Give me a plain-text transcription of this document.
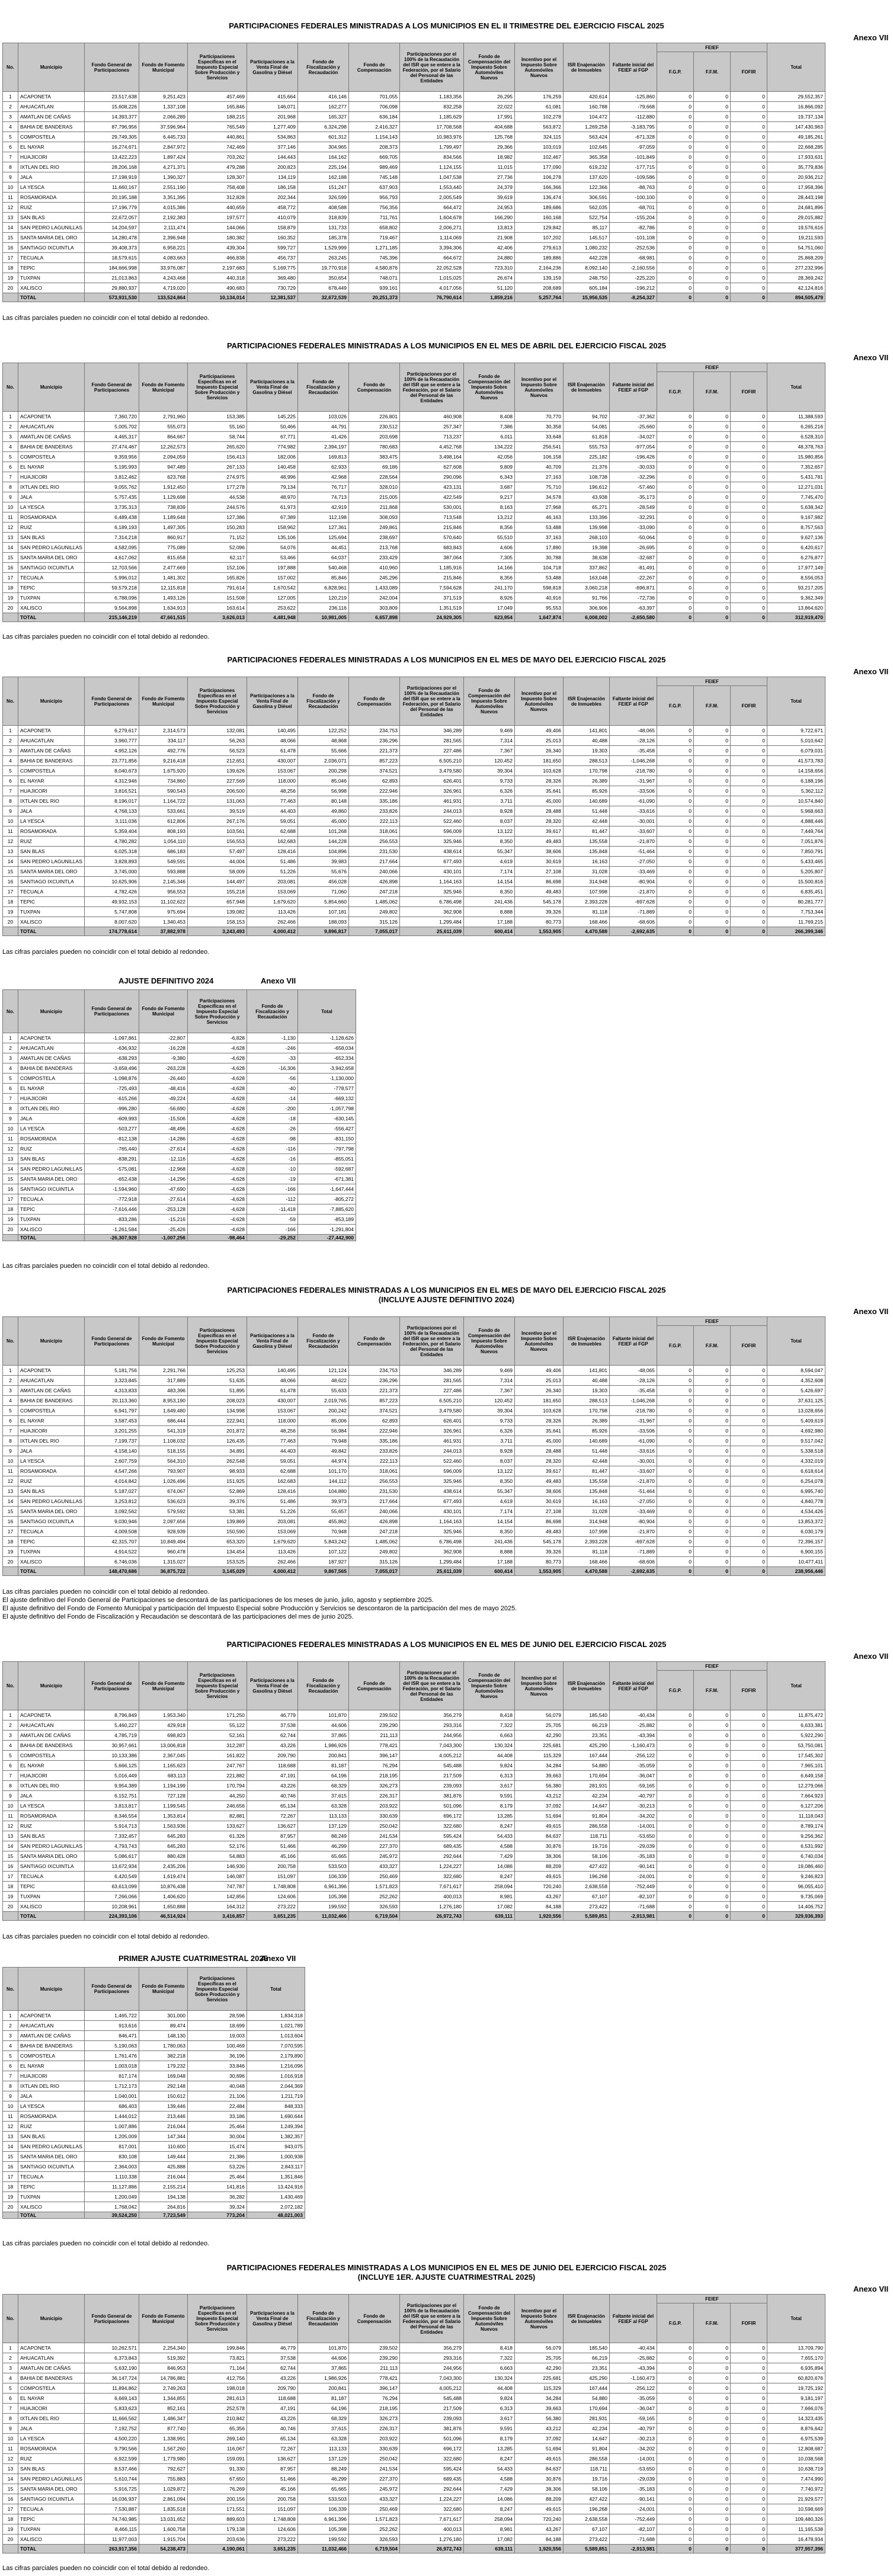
PARTICIPACIONES FEDERALES MINISTRADAS A LOS MUNICIPIOS EN EL II TRIMESTRE DEL EJERCICIO FISCAL 2025
Anexo VII
No.	Municipio	Fondo General de Participaciones	Fondo de Fomento Municipal	Participaciones Específicas en el Impuesto Especial Sobre Producción y Servicios	Participaciones a la Venta Final de Gasolina y Diésel	Fondo de Fiscalización y Recaudación	Fondo de Compensación	Participaciones por el 100% de la Recaudación del ISR que se entere a la Federación, por el Salario del Personal de las Entidades	Fondo de Compensación del Impuesto Sobre Automóviles Nuevos	Incentivo por el Impuesto Sobre Automóviles Nuevos	ISR Enajenación de Inmuebles	Faltante inicial del FEIEF al FGP	FEIEF			Total
													F.G.P.	F.F.M.	FOFIR	
1	ACAPONETA	23,517,638	9,251,423	457,469	415,664	416,146	701,055	1,183,356	26,295	176,259	420,614	-125,860	0	0	0	29,552,357
2	AHUACATLAN	15,608,226	1,337,108	165,846	146,071	162,277	706,098	832,258	22,022	61,081	160,788	-79,668	0	0	0	16,866,092
3	AMATLAN DE CAÑAS	14,393,377	2,066,289	188,215	201,968	165,327	636,184	1,185,629	17,991	102,278	104,472	-112,880	0	0	0	19,737,134
4	BAHIA DE BANDERAS	87,796,956	37,596,964	765,549	1,277,409	6,324,298	2,416,327	17,708,568	404,688	563,872	1,269,258	-3,183,795	0	0	0	147,430,963
5	COMPOSTELA	29,749,305	6,445,733	440,861	534,863	601,312	1,154,143	10,983,976	125,768	324,115	563,424	-671,328	0	0	0	49,185,261
6	EL NAYAR	16,274,671	2,847,972	742,469	377,146	304,965	208,373	1,799,497	29,366	103,019	102,645	-97,059	0	0	0	22,668,285
7	HUAJICORI	13,422,223	1,897,424	703,262	144,443	164,162	669,705	834,566	18,982	102,467	365,358	-101,849	0	0	0	17,933,631
8	IXTLAN DEL RIO	28,206,168	4,271,371	479,288	200,823	225,194	989,469	1,124,155	11,015	177,090	619,232	-177,715	0	0	0	35,779,836
9	JALA	17,198,919	1,390,327	128,307	134,119	162,188	745,148	1,047,538	27,736	106,278	137,620	-109,586	0	0	0	20,936,212
10	LA YESCA	11,660,167	2,551,190	758,408	186,158	151,247	637,903	1,553,440	24,379	166,366	122,366	-88,763	0	0	0	17,958,396
11	ROSAMORADA	20,195,188	3,351,395	312,828	202,344	326,599	956,793	2,005,549	39,619	136,474	306,591	-100,100	0	0	0	28,443,198
12	RUIZ	17,196,779	4,015,386	440,659	458,772	408,588	756,356	664,472	24,953	189,686	562,035	-68,701	0	0	0	24,681,896
13	SAN BLAS	22,672,057	2,192,383	197,577	410,079	318,839	711,761	1,604,678	166,290	160,168	522,754	-155,204	0	0	0	29,015,882
14	SAN PEDRO LAGUNILLAS	14,204,597	2,111,474	144,066	158,879	131,733	658,802	2,006,271	13,813	129,842	85,117	-82,786	0	0	0	19,576,616
15	SANTA MARIA DEL ORO	14,280,478	2,396,948	180,382	160,352	185,378	719,467	1,114,069	21,908	107,202	145,517	-101,108	0	0	0	19,211,593
16	SANTIAGO IXCUINTLA	39,408,373	6,958,221	439,304	599,727	1,529,999	1,271,185	3,394,306	42,406	279,613	1,080,232	-252,536	0	0	0	54,751,060
17	TECUALA	18,579,615	4,083,663	466,838	456,737	263,245	745,396	664,672	24,880	189,886	442,228	-68,981	0	0	0	25,868,209
18	TEPIC	184,666,998	33,976,087	2,197,683	5,169,775	19,770,918	4,580,876	22,052,528	723,310	2,164,236	8,092,140	-2,160,556	0	0	0	277,232,996
19	TUXPAN	21,013,863	4,243,468	440,318	369,480	350,654	748,071	1,015,025	26,674	139,159	248,750	-225,220	0	0	0	28,369,242
20	XALISCO	29,880,937	4,719,020	490,683	730,729	678,449	939,161	4,017,056	51,120	208,689	605,184	-196,212	0	0	0	42,124,816
	TOTAL	573,931,530	133,524,864	10,134,014	12,381,537	32,672,539	20,251,373	76,790,614	1,859,216	5,257,764	15,956,535	-8,254,327	0	0	0	894,505,479
Las cifras parciales pueden no coincidir con el total debido al redondeo.
PARTICIPACIONES FEDERALES MINISTRADAS A LOS MUNICIPIOS EN EL MES DE ABRIL DEL EJERCICIO FISCAL 2025
Anexo VII
No.	Municipio	Fondo General de Participaciones	Fondo de Fomento Municipal	Participaciones Específicas en el Impuesto Especial Sobre Producción y Servicios	Participaciones a la Venta Final de Gasolina y Diésel	Fondo de Fiscalización y Recaudación	Fondo de Compensación	Participaciones por el 100% de la Recaudación del ISR que se entere a la Federación, por el Salario del Personal de las Entidades	Fondo de Compensación del Impuesto Sobre Automóviles Nuevos	Incentivo por el Impuesto Sobre Automóviles Nuevos	ISR Enajenación de Inmuebles	Faltante inicial del FEIEF al FGP	FEIEF			Total
													F.G.P.	F.F.M.	FOFIR	
1	ACAPONETA	7,360,720	2,791,960	153,385	145,225	103,026	226,801	460,908	8,408	70,770	94,702	-37,362	0	0	0	11,388,593
2	AHUACATLAN	5,005,702	555,073	55,160	50,466	44,791	230,512	257,347	7,386	30,358	54,081	-25,660	0	0	0	6,265,216
3	AMATLAN DE CAÑAS	4,465,317	864,667	58,744	67,771	41,426	203,698	713,237	6,011	33,648	61,818	-34,027	0	0	0	6,528,310
4	BAHIA DE BANDERAS	27,474,467	12,262,573	265,620	774,982	2,394,197	780,683	4,452,768	134,222	256,541	555,753	-977,054	0	0	0	48,378,763
5	COMPOSTELA	9,359,956	2,094,059	156,413	182,006	169,813	383,475	3,498,164	42,056	106,158	225,182	-196,426	0	0	0	15,980,856
6	EL NAYAR	5,195,993	947,489	267,133	140,458	62,933	69,186	627,608	9,809	40,709	21,376	-30,033	0	0	0	7,352,657
7	HUAJICORI	3,812,462	623,768	274,975	48,996	42,968	228,564	290,096	6,343	27,163	108,738	-32,296	0	0	0	5,431,781
8	IXTLAN DEL RIO	9,055,762	1,912,450	177,278	79,134	76,717	328,010	423,131	3,687	75,710	196,612	-57,460	0	0	0	12,271,031
9	JALA	5,757,435	1,129,698	44,538	48,970	74,713	215,005	422,549	9,217	34,578	43,938	-35,173	0	0	0	7,745,470
10	LA YESCA	3,735,313	738,839	244,576	61,973	42,919	211,868	530,001	8,163	27,968	65,271	-28,549	0	0	0	5,638,342
11	ROSAMORADA	6,489,438	1,189,648	127,386	67,389	112,198	308,093	713,548	13,212	46,163	133,396	-32,291	0	0	0	9,167,982
12	RUIZ	6,189,193	1,497,305	150,283	158,962	127,361	249,861	215,846	8,356	53,488	139,998	-33,090	0	0	0	8,757,563
13	SAN BLAS	7,314,218	860,917	71,152	135,106	125,694	238,697	570,640	55,510	37,163	268,103	-50,064	0	0	0	9,627,136
14	SAN PEDRO LAGUNILLAS	4,582,095	775,089	52,096	54,076	44,451	213,768	683,843	4,606	17,890	19,398	-26,695	0	0	0	6,420,617
15	SANTA MARIA DEL ORO	4,617,062	815,658	62,117	53,466	64,037	233,429	387,064	7,305	30,788	38,638	-32,687	0	0	0	6,276,877
16	SANTIAGO IXCUINTLA	12,703,566	2,477,669	152,106	197,888	540,468	410,960	1,185,916	14,166	104,718	337,862	-81,491	0	0	0	17,977,149
17	TECUALA	5,996,012	1,481,302	165,826	157,002	85,846	245,296	215,846	8,356	53,488	163,048	-22,267	0	0	0	8,556,053
18	TEPIC	59,579,218	12,115,818	791,614	1,670,542	6,828,961	1,433,089	7,594,628	241,170	598,818	3,060,218	-696,871	0	0	0	93,217,205
19	TUXPAN	6,788,096	1,493,126	151,508	127,005	120,219	242,004	371,519	8,926	40,916	91,766	-72,736	0	0	0	9,362,349
20	XALISCO	9,564,898	1,634,913	163,614	253,622	236,116	303,809	1,351,519	17,049	95,553	306,906	-63,397	0	0	0	13,864,620
	TOTAL	215,146,219	47,661,515	3,626,013	4,481,948	10,981,005	6,657,898	24,929,305	623,954	1,647,874	6,008,002	-2,650,580	0	0	0	312,919,470
Las cifras parciales pueden no coincidir con el total debido al redondeo.
PARTICIPACIONES FEDERALES MINISTRADAS A LOS MUNICIPIOS EN EL MES DE MAYO DEL EJERCICIO FISCAL 2025
Anexo VII
No.	Municipio	Fondo General de Participaciones	Fondo de Fomento Municipal	Participaciones Específicas en el Impuesto Especial Sobre Producción y Servicios	Participaciones a la Venta Final de Gasolina y Diésel	Fondo de Fiscalización y Recaudación	Fondo de Compensación	Participaciones por el 100% de la Recaudación del ISR que se entere a la Federación, por el Salario del Personal de las Entidades	Fondo de Compensación del Impuesto Sobre Automóviles Nuevos	Incentivo por el Impuesto Sobre Automóviles Nuevos	ISR Enajenación de Inmuebles	Faltante inicial del FEIEF al FGP	FEIEF			Total
													F.G.P.	F.F.M.	FOFIR	
1	ACAPONETA	6,279,617	2,314,573	132,081	140,495	122,252	234,753	346,289	9,469	49,406	141,801	-48,065	0	0	0	9,722,671
2	AHUACATLAN	3,960,777	334,117	56,263	48,066	48,868	236,296	281,565	7,314	25,013	40,488	-28,126	0	0	0	5,010,642
3	AMATLAN DE CAÑAS	4,952,126	492,776	56,523	61,478	55,666	221,373	227,486	7,367	26,340	19,303	-35,458	0	0	0	6,079,031
4	BAHIA DE BANDERAS	23,771,856	9,216,418	212,651	430,007	2,036,071	857,223	6,505,210	120,452	181,650	288,513	-1,046,268	0	0	0	41,573,783
5	COMPOSTELA	8,040,673	1,675,920	139,626	153,067	200,298	374,521	3,479,580	39,304	103,628	170,798	-218,780	0	0	0	14,158,656
6	EL NAYAR	4,312,946	734,860	227,569	118,000	85,046	62,893	626,401	9,733	28,326	26,389	-31,967	0	0	0	6,188,196
7	HUAJICORI	3,816,521	590,543	206,500	48,256	56,998	222,946	326,961	6,326	35,641	85,926	-33,506	0	0	0	5,362,112
8	IXTLAN DEL RIO	8,196,017	1,164,722	131,063	77,463	80,148	335,186	461,931	3,711	45,000	140,689	-61,090	0	0	0	10,574,840
9	JALA	4,768,133	533,661	39,519	44,403	49,860	233,826	244,013	8,928	28,488	51,448	-33,616	0	0	0	5,968,663
10	LA YESCA	3,111,036	612,806	267,176	59,051	45,000	222,113	522,460	8,037	28,320	42,448	-30,001	0	0	0	4,888,446
11	ROSAMORADA	5,359,404	808,193	103,561	62,688	101,268	318,061	596,009	13,122	39,617	81,447	-33,607	0	0	0	7,449,764
12	RUIZ	4,780,282	1,054,110	156,553	162,683	144,228	256,553	325,946	8,350	49,483	135,558	-21,870	0	0	0	7,051,876
13	SAN BLAS	6,025,318	686,183	57,497	128,416	104,896	231,530	438,614	55,347	38,606	135,848	-51,464	0	0	0	7,850,791
14	SAN PEDRO LAGUNILLAS	3,828,893	549,591	44,004	51,486	39,983	217,664	677,493	4,619	30,619	16,163	-27,050	0	0	0	5,433,465
15	SANTA MARIA DEL ORO	3,745,000	593,888	58,009	51,226	55,676	240,066	430,101	7,174	27,108	31,028	-33,469	0	0	0	5,205,807
16	SANTIAGO IXCUINTLA	10,625,906	2,145,346	144,497	203,081	456,028	426,898	1,164,163	14,154	86,698	314,948	-80,904	0	0	0	15,500,816
17	TECUALA	4,782,426	956,553	155,218	153,069	71,060	247,218	325,946	8,350	49,483	107,998	-21,870	0	0	0	6,835,451
18	TEPIC	49,932,153	11,102,622	657,948	1,679,620	5,854,660	1,485,062	6,786,498	241,436	545,178	2,393,228	-697,628	0	0	0	80,281,777
19	TUXPAN	5,747,808	975,694	139,082	113,426	107,181	249,802	362,908	8,888	39,326	81,118	-71,889	0	0	0	7,753,344
20	XALISCO	8,007,620	1,340,453	158,153	262,466	188,093	315,126	1,299,484	17,188	80,773	168,466	-68,606	0	0	0	11,769,215
	TOTAL	174,778,614	37,882,978	3,243,493	4,000,412	9,896,817	7,055,017	25,611,039	600,414	1,553,905	4,470,588	-2,692,635	0	0	0	266,399,346
Las cifras parciales pueden no coincidir con el total debido al redondeo.
AJUSTE DEFINITIVO 2024	Anexo VII
No.	Municipio	Fondo General de Participaciones	Fondo de Fomento Municipal	Participaciones Específicas en el Impuesto Especial Sobre Producción y Servicios	Fondo de Fiscalización y Recaudación	Total
1	ACAPONETA	-1,097,861	-22,807	-6,828	-1,130	-1,128,626
2	AHUACATLAN	-636,932	-16,228	-4,628	-246	-658,034
3	AMATLAN DE CAÑAS	-638,293	-9,380	-4,628	-33	-652,334
4	BAHIA DE BANDERAS	-3,658,496	-263,228	-4,628	-16,306	-3,942,658
5	COMPOSTELA	-1,098,876	-26,440	-4,628	-56	-1,130,000
6	EL NAYAR	-725,493	-48,416	-4,628	-40	-778,577
7	HUAJICORI	-615,266	-49,224	-4,628	-14	-669,132
8	IXTLAN DEL RIO	-996,280	-56,690	-4,628	-200	-1,057,798
9	JALA	-609,993	-15,506	-4,628	-18	-630,145
10	LA YESCA	-503,277	-48,496	-4,628	-26	-556,427
11	ROSAMORADA	-812,138	-14,286	-4,628	-98	-831,150
12	RUIZ	-765,440	-27,614	-4,628	-116	-797,798
13	SAN BLAS	-838,291	-12,116	-4,628	-16	-855,051
14	SAN PEDRO LAGUNILLAS	-575,081	-12,968	-4,628	-10	-592,687
15	SANTA MARIA DEL ORO	-652,438	-14,296	-4,628	-19	-671,381
16	SANTIAGO IXCUINTLA	-1,594,960	-47,690	-4,628	-166	-1,647,444
17	TECUALA	-772,918	-27,614	-4,628	-112	-805,272
18	TEPIC	-7,616,446	-253,128	-4,628	-11,418	-7,885,620
19	TUXPAN	-833,286	-15,216	-4,628	-59	-853,189
20	XALISCO	-1,261,584	-25,426	-4,628	-166	-1,291,804
	TOTAL	-26,307,928	-1,007,256	-98,464	-29,252	-27,442,900
Las cifras parciales pueden no coincidir con el total debido al redondeo.
PARTICIPACIONES FEDERALES MINISTRADAS A LOS MUNICIPIOS EN EL MES DE MAYO DEL EJERCICIO FISCAL 2025
(INCLUYE AJUSTE DEFINITIVO 2024)
Anexo VII
No.	Municipio	Fondo General de Participaciones	Fondo de Fomento Municipal	Participaciones Específicas en el Impuesto Especial Sobre Producción y Servicios	Participaciones a la Venta Final de Gasolina y Diésel	Fondo de Fiscalización y Recaudación	Fondo de Compensación	Participaciones por el 100% de la Recaudación del ISR que se entere a la Federación, por el Salario del Personal de las Entidades	Fondo de Compensación del Impuesto Sobre Automóviles Nuevos	Incentivo por el Impuesto Sobre Automóviles Nuevos	ISR Enajenación de Inmuebles	Faltante inicial del FEIEF al FGP	FEIEF			Total
													F.G.P.	F.F.M.	FOFIR	
1	ACAPONETA	5,181,756	2,291,766	125,253	140,495	121,124	234,753	346,289	9,469	49,406	141,801	-48,065	0	0	0	8,594,047
2	AHUACATLAN	3,323,845	317,889	51,635	48,066	48,622	236,296	281,565	7,314	25,013	40,488	-28,126	0	0	0	4,352,608
3	AMATLAN DE CAÑAS	4,313,833	483,396	51,895	61,478	55,633	221,373	227,486	7,367	26,340	19,303	-35,458	0	0	0	5,426,697
4	BAHIA DE BANDERAS	20,113,360	8,953,190	208,023	430,007	2,019,765	857,223	6,505,210	120,452	181,650	288,513	-1,046,268	0	0	0	37,631,125
5	COMPOSTELA	6,941,797	1,649,480	134,998	153,067	200,242	374,521	3,479,580	39,304	103,628	170,798	-218,780	0	0	0	13,028,656
6	EL NAYAR	3,587,453	686,444	222,941	118,000	85,006	62,893	626,401	9,733	28,326	26,389	-31,967	0	0	0	5,409,619
7	HUAJICORI	3,201,255	541,319	201,872	48,256	56,984	222,946	326,961	6,326	35,641	85,926	-33,506	0	0	0	4,692,980
8	IXTLAN DEL RIO	7,199,737	1,108,032	126,435	77,463	79,948	335,186	461,931	3,711	45,000	140,689	-61,090	0	0	0	9,517,042
9	JALA	4,158,140	518,155	34,891	44,403	49,842	233,826	244,013	8,928	28,488	51,448	-33,616	0	0	0	5,338,518
10	LA YESCA	2,607,759	564,310	262,548	59,051	44,974	222,113	522,460	8,037	28,320	42,448	-30,001	0	0	0	4,332,019
11	ROSAMORADA	4,547,266	793,907	98,933	62,688	101,170	318,061	596,009	13,122	39,617	81,447	-33,607	0	0	0	6,618,614
12	RUIZ	4,014,842	1,026,496	151,925	162,683	144,112	256,553	325,946	8,350	49,483	135,558	-21,870	0	0	0	6,254,078
13	SAN BLAS	5,187,027	674,067	52,869	128,416	104,880	231,530	438,614	55,347	38,606	135,848	-51,464	0	0	0	6,995,740
14	SAN PEDRO LAGUNILLAS	3,253,812	536,623	39,376	51,486	39,973	217,664	677,493	4,619	30,619	16,163	-27,050	0	0	0	4,840,778
15	SANTA MARIA DEL ORO	3,092,562	579,592	53,381	51,226	55,657	240,066	430,101	7,174	27,108	31,028	-33,469	0	0	0	4,534,426
16	SANTIAGO IXCUINTLA	9,030,946	2,097,656	139,869	203,081	455,862	426,898	1,164,163	14,154	86,698	314,948	-80,904	0	0	0	13,853,372
17	TECUALA	4,009,508	928,939	150,590	153,069	70,948	247,218	325,946	8,350	49,483	107,998	-21,870	0	0	0	6,030,179
18	TEPIC	42,315,707	10,849,494	653,320	1,679,620	5,843,242	1,485,062	6,786,498	241,436	545,178	2,393,228	-697,628	0	0	0	72,396,157
19	TUXPAN	4,914,522	960,478	134,454	113,426	107,122	249,802	362,908	8,888	39,326	81,118	-71,889	0	0	0	6,900,155
20	XALISCO	6,746,036	1,315,027	153,525	262,466	187,927	315,126	1,299,484	17,188	80,773	168,466	-68,606	0	0	0	10,477,411
	TOTAL	148,470,686	36,875,722	3,145,029	4,000,412	9,867,565	7,055,017	25,611,039	600,414	1,553,905	4,470,588	-2,692,635	0	0	0	238,956,446
Las cifras parciales pueden no coincidir con el total debido al redondeo.
El ajuste definitivo del Fondo General de Participaciones se descontará de las participaciones de los meses de junio, julio, agosto y septiembre 2025.
El ajuste definitivo del Fondo de Fomento Municipal y participación del Impuesto Especial sobre Producción y Servicios se descontaron de la participación del mes de mayo 2025.
El ajuste definitivo del Fondo de Fiscalización y Recaudación se descontará de las participaciones del mes de junio 2025.
PARTICIPACIONES FEDERALES MINISTRADAS A LOS MUNICIPIOS EN EL MES DE JUNIO DEL EJERCICIO FISCAL 2025
Anexo VII
No.	Municipio	Fondo General de Participaciones	Fondo de Fomento Municipal	Participaciones Específicas en el Impuesto Especial Sobre Producción y Servicios	Participaciones a la Venta Final de Gasolina y Diésel	Fondo de Fiscalización y Recaudación	Fondo de Compensación	Participaciones por el 100% de la Recaudación del ISR que se entere a la Federación, por el Salario del Personal de las Entidades	Fondo de Compensación del Impuesto Sobre Automóviles Nuevos	Incentivo por el Impuesto Sobre Automóviles Nuevos	ISR Enajenación de Inmuebles	Faltante inicial del FEIEF al FGP	FEIEF			Total
													F.G.P.	F.F.M.	FOFIR	
1	ACAPONETA	8,796,849	1,953,340	171,250	46,779	101,870	239,502	356,279	8,418	56,079	185,540	-40,434	0	0	0	11,875,472
2	AHUACATLAN	5,460,227	429,918	55,122	37,538	44,606	239,290	293,316	7,322	25,705	66,219	-25,882	0	0	0	6,633,381
3	AMATLAN DE CAÑAS	4,785,719	698,823	52,161	62,744	37,865	211,113	244,956	6,663	42,290	23,351	-43,394	0	0	0	5,922,290
4	BAHIA DE BANDERAS	30,957,661	13,006,818	312,287	43,226	1,986,926	778,421	7,043,300	130,324	225,681	425,290	-1,160,473	0	0	0	53,750,081
5	COMPOSTELA	10,133,386	2,367,045	161,822	209,790	200,841	396,147	4,005,212	44,408	115,329	167,444	-256,122	0	0	0	17,545,302
6	EL NAYAR	5,666,125	1,165,623	247,767	118,688	81,187	76,294	545,488	9,824	34,284	54,880	-35,059	0	0	0	7,965,101
7	HUAJICORI	5,016,449	683,113	221,882	47,191	64,196	218,195	217,509	6,313	39,663	170,694	-36,047	0	0	0	6,649,158
8	IXTLAN DEL RIO	9,954,389	1,194,199	170,794	43,226	68,329	326,273	239,093	3,617	56,380	281,931	-59,165	0	0	0	12,279,066
9	JALA	6,152,751	727,128	44,250	40,746	37,615	226,317	381,876	9,591	43,212	42,234	-40,797	0	0	0	7,664,923
10	LA YESCA	3,813,817	1,199,545	246,656	65,134	63,328	203,922	501,096	8,179	37,092	14,647	-30,213	0	0	0	6,127,206
11	ROSAMORADA	8,346,554	1,353,814	82,881	72,267	113,133	330,639	696,172	13,285	51,694	91,804	-34,202	0	0	0	11,118,043
12	RUIZ	5,914,713	1,563,936	133,627	136,627	137,129	250,042	322,680	8,247	49,615	286,558	-14,001	0	0	0	8,789,174
13	SAN BLAS	7,332,457	645,283	61,326	87,957	88,249	241,534	595,424	54,433	84,637	118,711	-53,650	0	0	0	9,256,362
14	SAN PEDRO LAGUNILLAS	4,793,743	645,283	52,176	51,466	46,299	227,370	689,435	4,588	30,876	19,716	-29,039	0	0	0	6,531,992
15	SANTA MARIA DEL ORO	5,086,617	880,428	54,883	45,166	65,665	245,972	292,644	7,429	38,306	58,106	-35,183	0	0	0	6,740,034
16	SANTIAGO IXCUINTLA	13,672,934	2,435,206	146,930	200,758	533,503	433,327	1,224,227	14,086	88,209	427,422	-90,141	0	0	0	19,086,460
17	TECUALA	6,420,549	1,619,474	146,087	151,097	106,339	250,469	322,680	8,247	49,615	196,268	-24,001	0	0	0	9,246,823
18	TEPIC	63,613,099	10,876,438	747,787	1,748,808	6,961,396	1,571,823	7,671,617	258,094	720,240	2,638,558	-752,449	0	0	0	96,055,410
19	TUXPAN	7,266,066	1,406,620	142,856	124,606	105,398	252,262	400,013	8,981	43,267	67,107	-82,107	0	0	0	9,735,069
20	XALISCO	10,208,961	1,650,888	164,312	273,222	199,592	326,593	1,276,180	17,082	84,188	273,422	-71,688	0	0	0	14,406,752
	TOTAL	224,393,106	46,514,924	3,416,857	3,651,235	11,032,466	6,719,504	26,972,743	639,111	1,920,556	5,589,851	-2,913,981	0	0	0	329,936,393
Las cifras parciales pueden no coincidir con el total debido al redondeo.
PRIMER AJUSTE CUATRIMESTRAL 2025
Anexo VII
No.	Municipio	Fondo General de Participaciones	Fondo de Fomento Municipal	Participaciones Específicas en el Impuesto Especial Sobre Producción y Servicios	Total
1	ACAPONETA	1,465,722	301,000	28,596	1,834,318
2	AHUACATLAN	913,616	89,474	18,699	1,021,789
3	AMATLAN DE CAÑAS	846,471	148,130	19,003	1,013,604
4	BAHIA DE BANDERAS	5,190,063	1,780,063	100,469	7,070,595
5	COMPOSTELA	1,761,476	382,218	36,196	2,179,890
6	EL NAYAR	1,003,018	179,232	33,846	1,216,096
7	HUAJICORI	817,174	169,048	30,696	1,016,918
8	IXTLAN DEL RIO	1,712,173	292,148	40,048	2,044,369
9	JALA	1,040,001	150,612	21,106	1,211,719
10	LA YESCA	686,403	139,446	22,484	848,333
11	ROSAMORADA	1,444,012	213,446	33,186	1,690,644
12	RUIZ	1,007,886	216,044	25,464	1,249,394
13	SAN BLAS	1,205,009	147,344	30,004	1,382,357
14	SAN PEDRO LAGUNILLAS	817,001	110,600	15,474	943,075
15	SANTA MARIA DEL ORO	830,108	149,444	21,386	1,000,938
16	SANTIAGO IXCUINTLA	2,364,003	425,888	53,226	2,843,117
17	TECUALA	1,110,338	216,044	25,464	1,351,846
18	TEPIC	11,127,886	2,155,214	141,816	13,424,916
19	TUXPAN	1,200,049	194,138	36,282	1,430,469
20	XALISCO	1,768,042	264,816	39,324	2,072,182
	TOTAL	39,524,250	7,723,549	773,204	48,021,003
Las cifras parciales pueden no coincidir con el total debido al redondeo.
PARTICIPACIONES FEDERALES MINISTRADAS A LOS MUNICIPIOS EN EL MES DE JUNIO DEL EJERCICIO FISCAL 2025
(INCLUYE 1ER. AJUSTE CUATRIMESTRAL 2025)
Anexo VII
No.	Municipio	Fondo General de Participaciones	Fondo de Fomento Municipal	Participaciones Específicas en el Impuesto Especial Sobre Producción y Servicios	Participaciones a la Venta Final de Gasolina y Diésel	Fondo de Fiscalización y Recaudación	Fondo de Compensación	Participaciones por el 100% de la Recaudación del ISR que se entere a la Federación, por el Salario del Personal de las Entidades	Fondo de Compensación del Impuesto Sobre Automóviles Nuevos	Incentivo por el Impuesto Sobre Automóviles Nuevos	ISR Enajenación de Inmuebles	Faltante inicial del FEIEF al FGP	FEIEF			Total
													F.G.P.	F.F.M.	FOFIR	
1	ACAPONETA	10,262,571	2,254,340	199,846	46,779	101,870	239,502	356,279	8,418	56,079	185,540	-40,434	0	0	0	13,709,790
2	AHUACATLAN	6,373,843	519,392	73,821	37,538	44,606	239,290	293,316	7,322	25,705	66,219	-25,882	0	0	0	7,655,170
3	AMATLAN DE CAÑAS	5,632,190	846,953	71,164	62,744	37,865	211,113	244,956	6,663	42,290	23,351	-43,394	0	0	0	6,935,894
4	BAHIA DE BANDERAS	36,147,724	14,786,881	412,756	43,226	1,986,926	778,421	7,043,300	130,324	225,681	425,290	-1,160,473	0	0	0	60,820,676
5	COMPOSTELA	11,894,862	2,749,263	198,018	209,790	200,841	396,147	4,005,212	44,408	115,329	167,444	-256,122	0	0	0	19,725,192
6	EL NAYAR	6,669,143	1,344,855	281,613	118,688	81,187	76,294	545,488	9,824	34,284	54,880	-35,059	0	0	0	9,181,197
7	HUAJICORI	5,833,623	852,161	252,578	47,191	64,196	218,195	217,509	6,313	39,663	170,694	-36,047	0	0	0	7,666,076
8	IXTLAN DEL RIO	11,666,562	1,486,347	210,842	43,226	68,329	326,273	239,093	3,617	56,380	281,931	-59,165	0	0	0	14,323,435
9	JALA	7,192,752	877,740	65,356	40,746	37,615	226,317	381,876	9,591	43,212	42,234	-40,797	0	0	0	8,876,642
10	LA YESCA	4,500,220	1,338,991	269,140	65,134	63,328	203,922	501,096	8,179	37,092	14,647	-30,213	0	0	0	6,975,539
11	ROSAMORADA	9,790,566	1,567,260	116,067	72,267	113,133	330,639	696,172	13,285	51,694	91,804	-34,202	0	0	0	12,808,687
12	RUIZ	6,922,599	1,779,980	159,091	136,627	137,129	250,042	322,680	8,247	49,615	286,558	-14,001	0	0	0	10,038,568
13	SAN BLAS	8,537,466	792,627	91,330	87,957	88,249	241,534	595,424	54,433	84,637	118,711	-53,650	0	0	0	10,638,719
14	SAN PEDRO LAGUNILLAS	5,610,744	755,883	67,650	51,466	46,299	227,370	689,435	4,588	30,876	19,716	-29,039	0	0	0	7,474,990
15	SANTA MARIA DEL ORO	5,916,725	1,029,872	76,269	45,166	65,665	245,972	292,644	7,429	38,306	58,106	-35,183	0	0	0	7,740,972
16	SANTIAGO IXCUINTLA	16,036,937	2,861,094	200,156	200,758	533,503	433,327	1,224,227	14,086	88,209	427,422	-90,141	0	0	0	21,929,577
17	TECUALA	7,530,887	1,835,518	171,551	151,097	106,339	250,469	322,680	8,247	49,615	196,268	-24,001	0	0	0	10,598,669
18	TEPIC	74,740,985	13,031,652	889,603	1,748,808	6,961,396	1,571,823	7,671,617	258,094	720,240	2,638,558	-752,449	0	0	0	109,480,326
19	TUXPAN	8,466,115	1,600,758	179,138	124,606	105,398	252,262	400,013	8,981	43,267	67,107	-82,107	0	0	0	11,165,538
20	XALISCO	11,977,003	1,915,704	203,636	273,222	199,592	326,593	1,276,180	17,082	84,188	273,422	-71,688	0	0	0	16,478,934
	TOTAL	263,917,356	54,238,473	4,190,061	3,651,235	11,032,466	6,719,504	26,972,743	639,111	1,920,556	5,589,851	-2,913,981	0	0	0	377,957,396
Las cifras parciales pueden no coincidir con el total debido al redondeo.
